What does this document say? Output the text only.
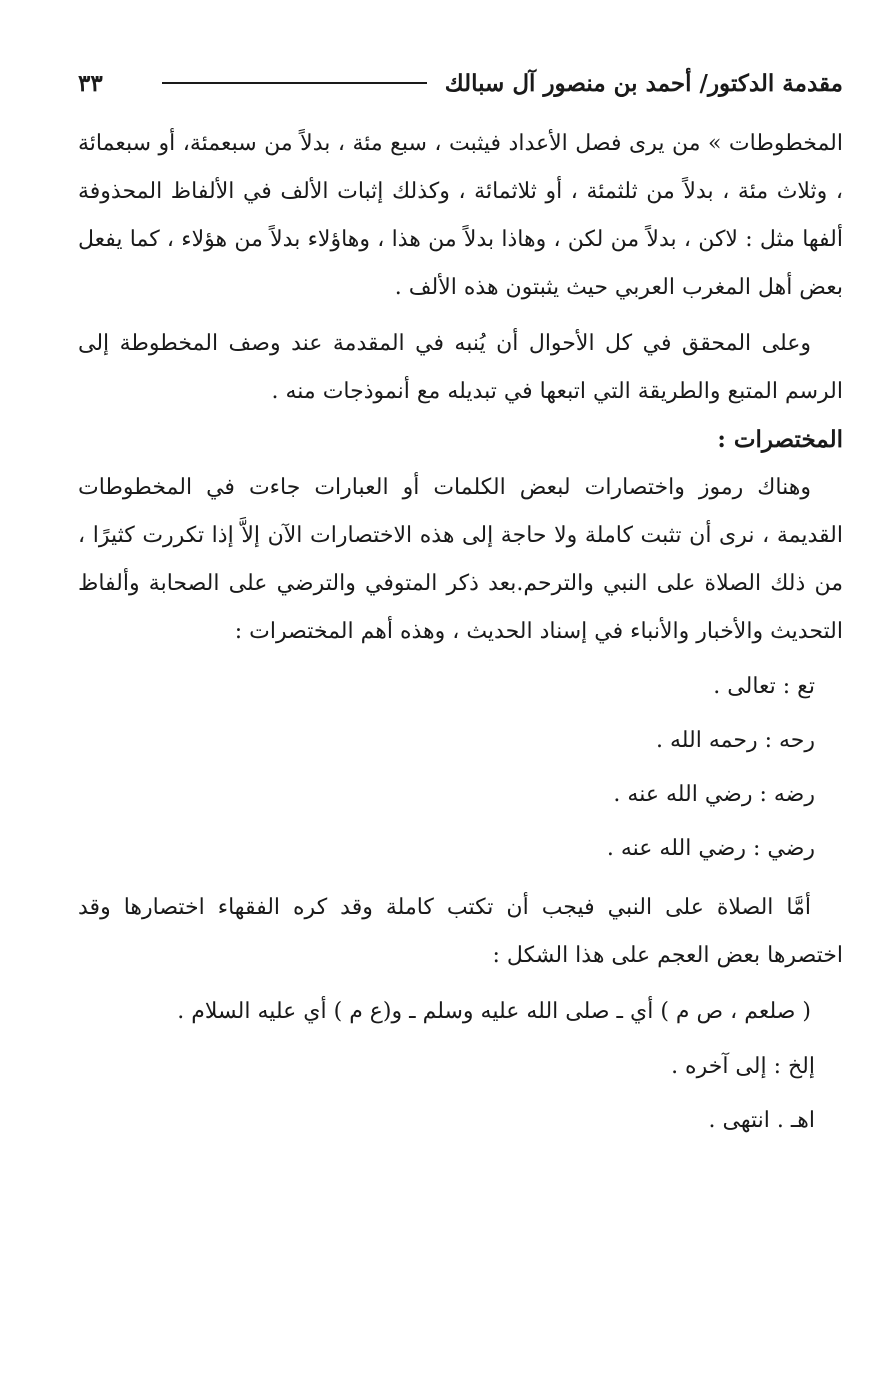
مقدمة الدكتور/ أحمد بن منصور آل سبالك
٣٣

المخطوطات » من يرى فصل الأعداد فيثبت ، سبع مئة ، بدلاً من سبعمئة، أو سبعمائة ، وثلاث مئة ، بدلاً من ثلثمئة ، أو ثلاثمائة ، وكذلك إثبات الألف في الألفاظ المحذوفة ألفها مثل : لاكن ، بدلاً من لكن ، وهاذا بدلاً من هذا ، وهاؤلاء بدلاً من هؤلاء ، كما يفعل بعض أهل المغرب العربي حيث يثبتون هذه الألف .

وعلى المحقق في كل الأحوال أن يُنبه في المقدمة عند وصف المخطوطة إلى الرسم المتبع والطريقة التي اتبعها في تبديله مع أنموذجات منه .

المختصرات :

وهناك رموز واختصارات لبعض الكلمات أو العبارات جاءت في المخطوطات القديمة ، نرى أن تثبت كاملة ولا حاجة إلى هذه الاختصارات الآن إلاَّ إذا تكررت كثيرًا ، من ذلك الصلاة على النبي والترحم.بعد ذكر المتوفي والترضي على الصحابة وألفاظ التحديث والأخبار والأنباء في إسناد الحديث ، وهذه أهم المختصرات :

تع : تعالى .
رحه : رحمه الله .
رضه : رضي الله عنه .
رضي : رضي الله عنه .

أمَّا الصلاة على النبي فيجب أن تكتب كاملة وقد كره الفقهاء اختصارها وقد اختصرها بعض العجم على هذا الشكل :

( صلعم ، ص م ) أي ـ صلى الله عليه وسلم ـ و(ع م ) أي عليه السلام .

إلخ : إلى آخره .
اهـ . انتهى .
